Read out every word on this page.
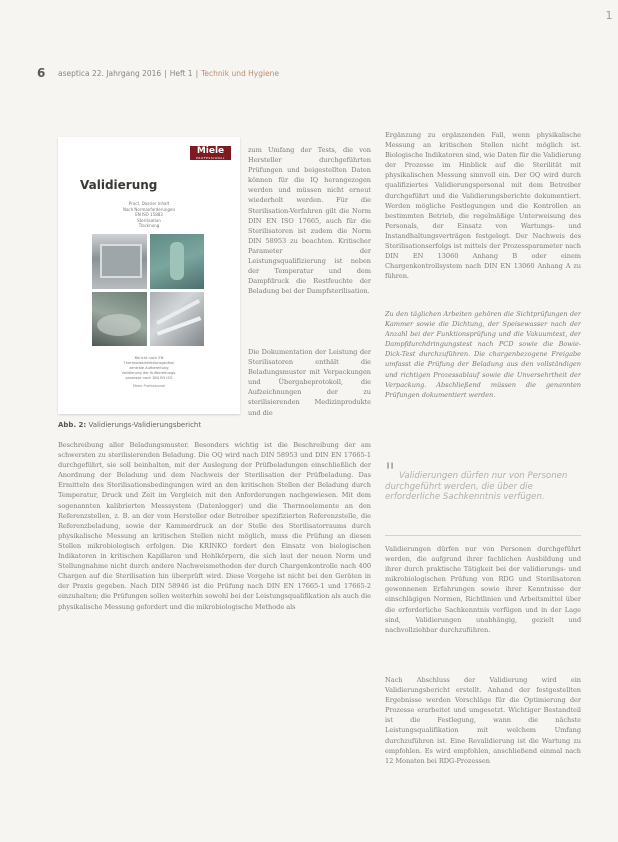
1
6 aseptica 22. Jahrgang 2016 | Heft 1 | Technik und Hygiene
Miele
PROFESSIONAL
Validierung
Pract. Dossier Inhalt
Nach Normanforderungen
EN ISO 15883
Sterilisation
Trocknung
Bericht nach EN
Thermodesinfektionsgeräte/
zentrale Aufbereitung
Validierung der Aufbereitungs-
prozesse nach DIN EN ISO
Miele Professional
Abb. 2: Validierungs-Validierungsbericht

zum Umfang der Tests, die von Hersteller durchgeführten Prüfungen und beigestellten Daten können für die IQ herangezogen werden und müssen nicht erneut wiederholt werden. Für die Sterilisation-Verfahren gilt die Norm DIN EN ISO 17665, auch für die Sterilisatoren ist zudem die Norm DIN 58953 zu beachten. Kritischer Parameter der Leistungsqualifizierung ist neben der Temperatur und dem Dampfdruck die Restfeuchte der Beladung bei der Dampfsterilisation.

Die Dokumentation der Leistung der Sterilisatoren enthält die Beladungsmuster mit Verpackungen und Übergabeprotokoll, die Aufzeichnungen der zu sterilisierenden Medizinprodukte und die

Beschreibung aller Beladungsmuster. Besonders wichtig ist die Beschreibung der am schwersten zu sterilisierenden Beladung. Die OQ wird nach DIN 58953 und DIN EN 17665-1 durchgeführt, sie soll beinhalten, mit der Auslegung der Prüfbeladungen einschließlich der Anordnung der Beladung und dem Nachweis der Sterilisation der Prüfbeladung. Das Ermitteln des Sterilisationsbedingungen wird an den kritischen Stellen der Beladung durch Temperatur, Druck und Zeit im Vergleich mit den Anforderungen nachgewiesen. Mit dem sogenannten kalibrierten Messsystem (Datenlogger) und die Thermoelemente an den Referenzstellen, z. B. an der vom Hersteller oder Betreiber spezifizierten Referenzstelle, die Referenzbeladung, sowie der Kammerdruck an der Stelle des Sterilisatorraums durch physikalische Messung an kritischen Stellen nicht möglich, muss die Prüfung an diesen Stellen mikrobiologisch erfolgen. Die KRINKO fordert den Einsatz von biologischen Indikatoren in kritischen Kapillaren und Hohlkörpern, die sich laut der neuen Norm und Stellungnahme nicht durch andere Nachweismethoden der durch Chargenkontrolle nach 400 Chargen auf die Sterilisation hin überprüft wird. Diese Vorgehe ist nicht bei den Geräten in der Praxis gegeben. Nach DIN 58946 ist die Prüfung nach DIN EN 17665-1 und 17665-2 einzuhalten; die Prüfungen sollen weiterhin sowohl bei der Leistungsqualifikation als auch die physikalische Messung gefordert und die mikrobiologische Methode als

Ergänzung zu ergänzenden Fall, wenn physikalische Messung an kritischen Stellen nicht möglich ist. Biologische Indikatoren sind, wie Daten für die Validierung der Prozesse im Hinblick auf die Sterilität mit physikalischen Messung sinnvoll ein. Der OQ wird durch qualifiziertes Validierungspersonal mit dem Betreiber durchgeführt und die Validierungsberichte dokumentiert. Werden mögliche Festlegungen und die Kontrollen an bestimmten Betrieb, die regelmäßige Unterweisung des Personals, der Einsatz von Wartungs- und Instandhaltungsverträgen festgelegt. Der Nachweis des Sterilisationserfolgs ist mittels der Prozessparameter nach DIN EN 13060 Anhang B oder einem Chargenkontrollsystem nach DIN EN 13060 Anhang A zu führen.

Zu den täglichen Arbeiten gehören die Sichtprüfungen der Kammer sowie die Dichtung, der Speisewasser nach der Anzahl bei der Funktionsprüfung und die Vakuumtest, der Dampfdurchdringungstest nach PCD sowie die Bowie-Dick-Test durchzuführen. Die chargenbezogene Freigabe umfasst die Prüfung der Beladung aus den vollständigen und richtigen Prozessablauf sowie die Unversehrtheit der Verpackung. Abschließend müssen die genannten Prüfungen dokumentiert werden.

" Validierungen dürfen nur von Personen durchgeführt werden, die über die erforderliche Sachkenntnis verfügen.

Validierungen dürfen nur von Personen durchgeführt werden, die aufgrund ihrer fachlichen Ausbildung und ihrer durch praktische Tätigkeit bei der validierungs- und mikrobiologischen Prüfung von RDG und Sterilisatoren gewonnenen Erfahrungen sowie ihrer Kenntnisse der einschlägigen Normen, Richtlinien und Arbeitsmittel über die erforderliche Sachkenntnis verfügen und in der Lage sind, Validierungen unabhängig, gezielt und nachvollziehbar durchzuführen.

Nach Abschluss der Validierung wird ein Validierungsbericht erstellt. Anhand der festgestellten Ergebnisse werden Vorschläge für die Optimierung der Prozesse erarbeitet und umgesetzt. Wichtiger Bestandteil ist die Festlegung, wann die nächste Leistungsqualifikation mit welchem Umfang durchzuführen ist. Eine Revalidierung ist die Wartung zu empfohlen. Es wird empfohlen, anschließend einmal nach 12 Monaten bei RDG-Prozessen
